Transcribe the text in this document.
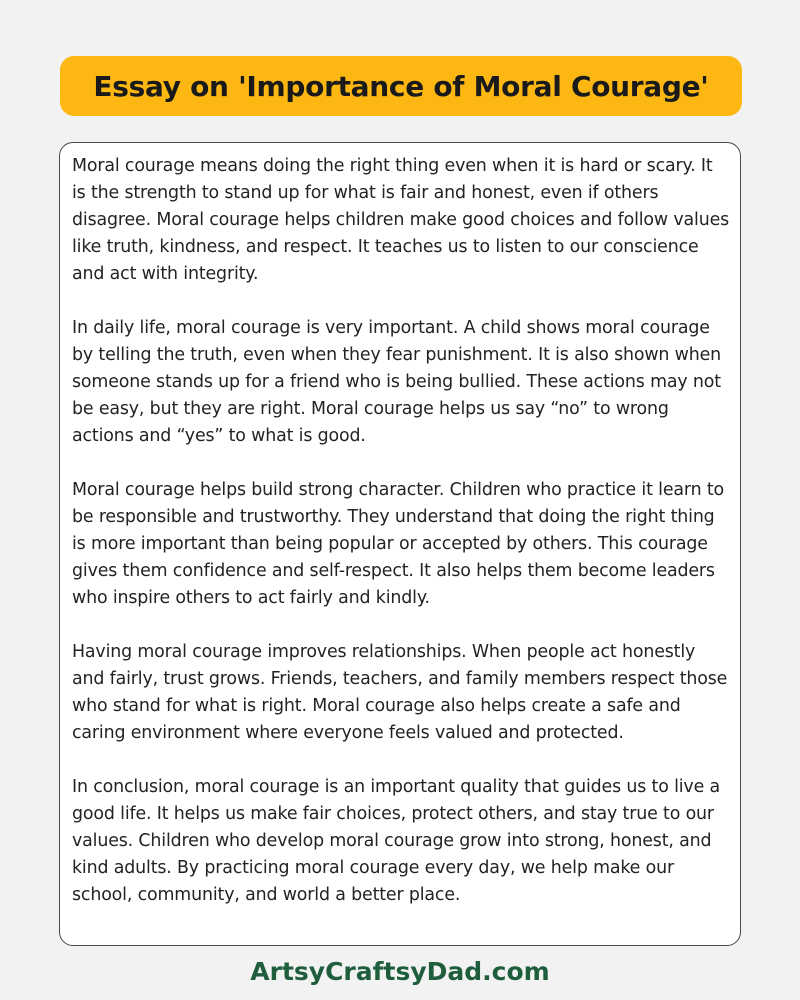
Essay on 'Importance of Moral Courage'

Moral courage means doing the right thing even when it is hard or scary. It is the strength to stand up for what is fair and honest, even if others disagree. Moral courage helps children make good choices and follow values like truth, kindness, and respect. It teaches us to listen to our conscience and act with integrity.

In daily life, moral courage is very important. A child shows moral courage by telling the truth, even when they fear punishment. It is also shown when someone stands up for a friend who is being bullied. These actions may not be easy, but they are right. Moral courage helps us say “no” to wrong actions and “yes” to what is good.

Moral courage helps build strong character. Children who practice it learn to be responsible and trustworthy. They understand that doing the right thing is more important than being popular or accepted by others. This courage gives them confidence and self-respect. It also helps them become leaders who inspire others to act fairly and kindly.

Having moral courage improves relationships. When people act honestly and fairly, trust grows. Friends, teachers, and family members respect those who stand for what is right. Moral courage also helps create a safe and caring environment where everyone feels valued and protected.

In conclusion, moral courage is an important quality that guides us to live a good life. It helps us make fair choices, protect others, and stay true to our values. Children who develop moral courage grow into strong, honest, and kind adults. By practicing moral courage every day, we help make our school, community, and world a better place.

ArtsyCraftsyDad.com
